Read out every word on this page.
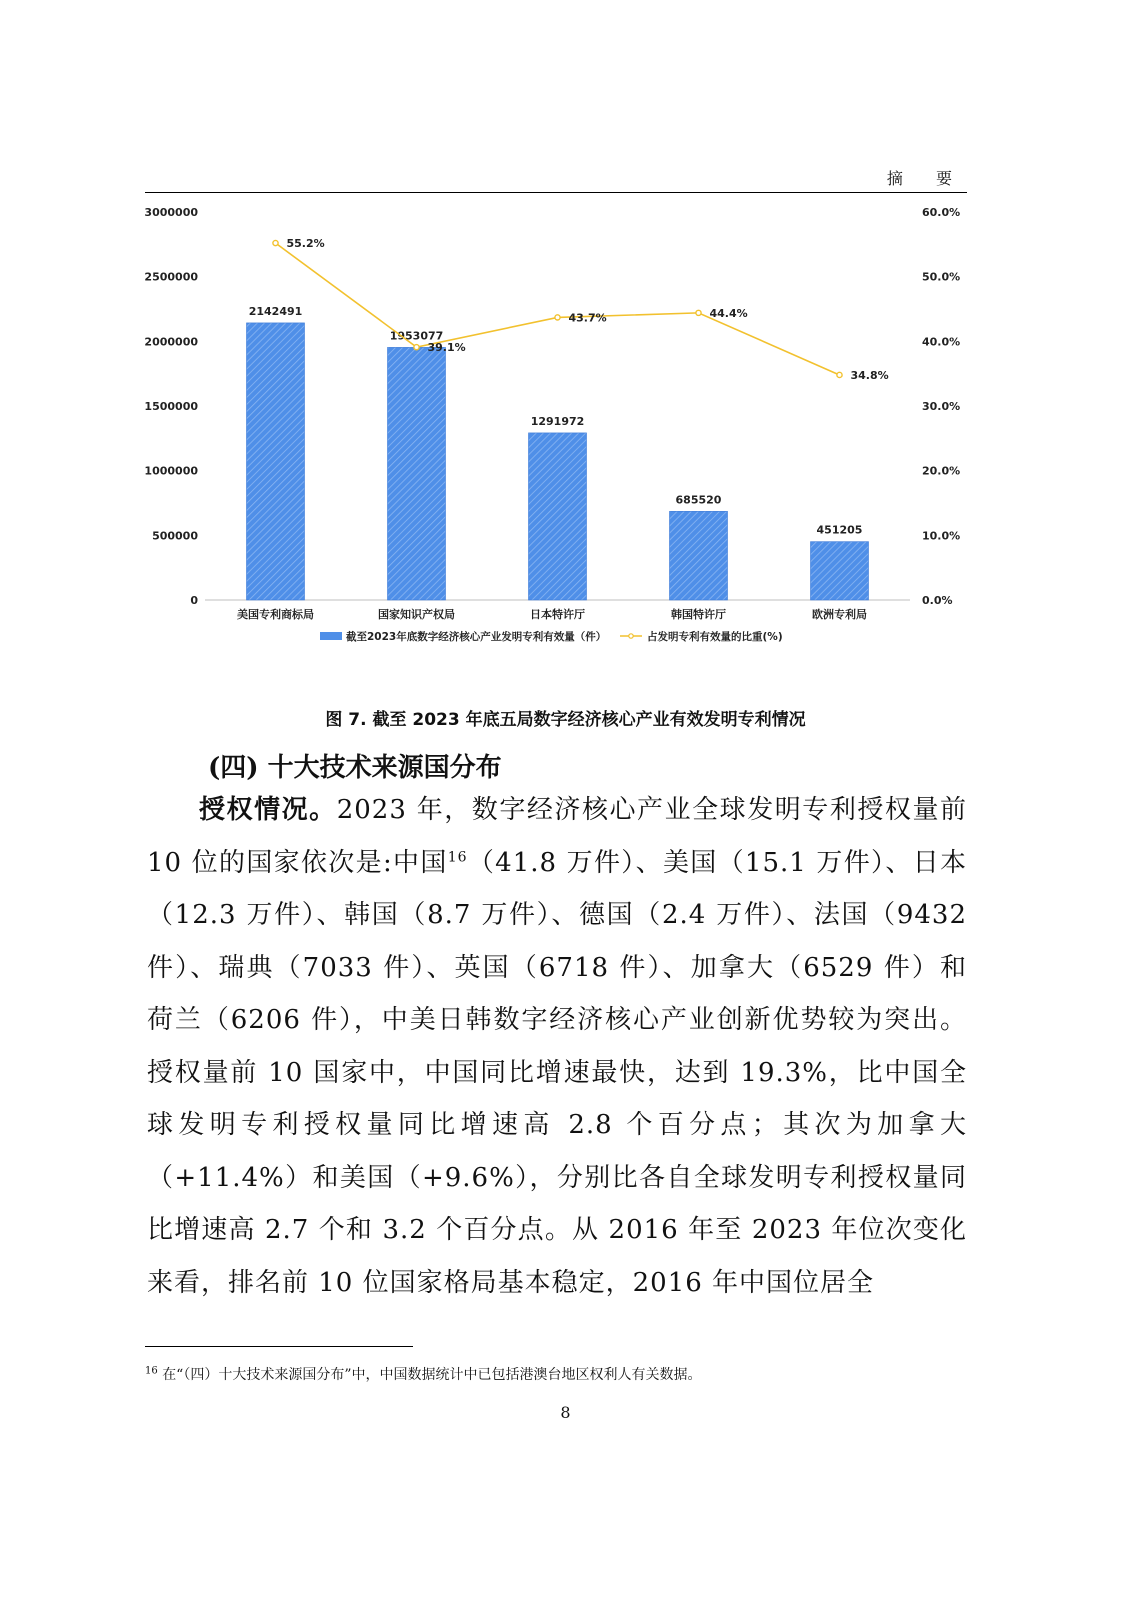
摘 要
0
500000
1000000
1500000
2000000
2500000
3000000
0.0%
10.0%
20.0%
30.0%
40.0%
50.0%
60.0%
2142491
1953077
1291972
685520
451205
55.2%
39.1%
43.7%	44.4%
34.8%
美国专利商标局	国家知识产权局	日本特许厅	韩国特许厅	欧洲专利局
截至2023年底数字经济核心产业发明专利有效量（件）	占发明专利有效量的比重(%)
图 7. 截至 2023 年底五局数字经济核心产业有效发明专利情况
(四) 十大技术来源国分布
授权情况。2023 年，数字经济核心产业全球发明专利授权量前 10 位的国家依次是:中国$^{16}$（41.8 万件）、美国（15.1 万件）、日本（12.3 万件）、韩国（8.7 万件）、德国（2.4 万件）、法国（9432 件）、瑞典（7033 件）、英国（6718 件）、加拿大（6529 件）和荷兰（6206 件），中美日韩数字经济核心产业创新优势较为突出。授权量前 10 国家中，中国同比增速最快，达到 19.3%，比中国全球发明专利授权量同比增速高 2.8 个百分点；其次为加拿大（+11.4%）和美国（+9.6%），分别比各自全球发明专利授权量同比增速高 2.7 个和 3.2 个百分点。从 2016 年至 2023 年位次变化来看，排名前 10 位国家格局基本稳定，2016 年中国位居全
$^{16}$ 在“（四）十大技术来源国分布”中，中国数据统计中已包括港澳台地区权利人有关数据。
8
